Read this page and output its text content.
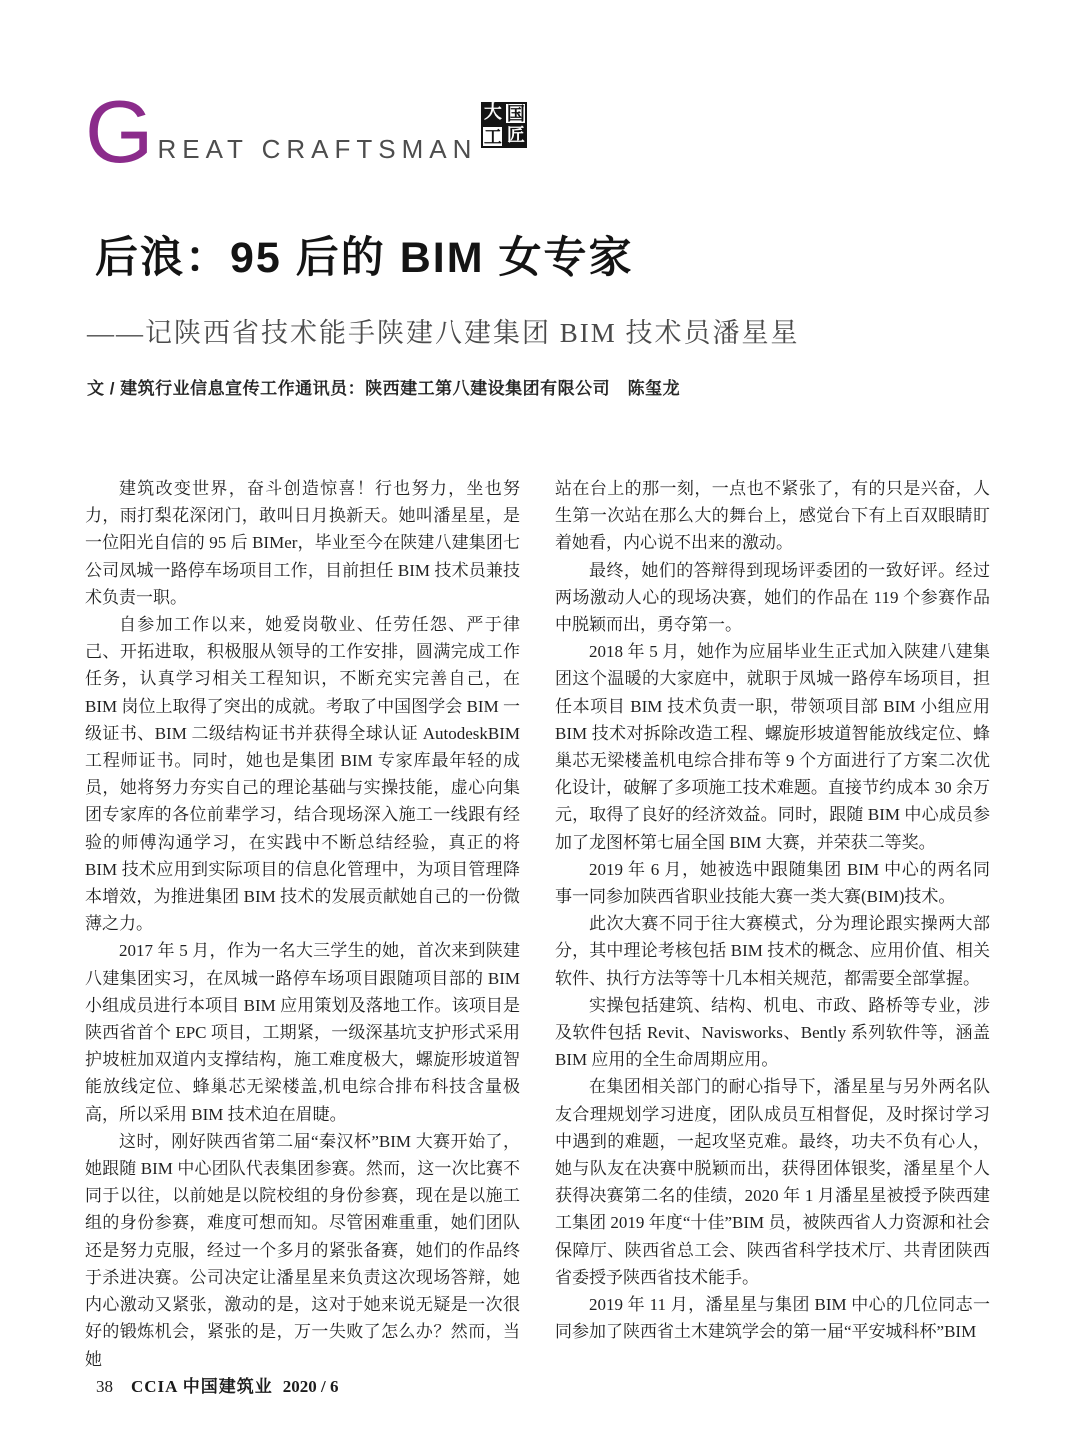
G REAT CRAFTSMAN
大 国
工 匠
后浪：95 后的 BIM 女专家
——记陕西省技术能手陕建八建集团 BIM 技术员潘星星
文 / 建筑行业信息宣传工作通讯员：陕西建工第八建设集团有限公司　陈玺龙

建筑改变世界，奋斗创造惊喜！行也努力，坐也努力，雨打梨花深闭门，敢叫日月换新天。她叫潘星星，是一位阳光自信的 95 后 BIMer，毕业至今在陕建八建集团七公司凤城一路停车场项目工作，目前担任 BIM 技术员兼技术负责一职。

自参加工作以来，她爱岗敬业、任劳任怨、严于律己、开拓进取，积极服从领导的工作安排，圆满完成工作任务，认真学习相关工程知识，不断充实完善自己，在 BIM 岗位上取得了突出的成就。考取了中国图学会 BIM 一级证书、BIM 二级结构证书并获得全球认证 AutodeskBIM 工程师证书。同时，她也是集团 BIM 专家库最年轻的成员，她将努力夯实自己的理论基础与实操技能，虚心向集团专家库的各位前辈学习，结合现场深入施工一线跟有经验的师傅沟通学习，在实践中不断总结经验，真正的将 BIM 技术应用到实际项目的信息化管理中，为项目管理降本增效，为推进集团 BIM 技术的发展贡献她自己的一份微薄之力。

2017 年 5 月，作为一名大三学生的她，首次来到陕建八建集团实习，在凤城一路停车场项目跟随项目部的 BIM 小组成员进行本项目 BIM 应用策划及落地工作。该项目是陕西省首个 EPC 项目，工期紧，一级深基坑支护形式采用护坡桩加双道内支撑结构，施工难度极大，螺旋形坡道智能放线定位、蜂巢芯无梁楼盖,机电综合排布科技含量极高，所以采用 BIM 技术迫在眉睫。

这时，刚好陕西省第二届“秦汉杯”BIM 大赛开始了，她跟随 BIM 中心团队代表集团参赛。然而，这一次比赛不同于以往，以前她是以院校组的身份参赛，现在是以施工组的身份参赛，难度可想而知。尽管困难重重，她们团队还是努力克服，经过一个多月的紧张备赛，她们的作品终于杀进决赛。公司决定让潘星星来负责这次现场答辩，她内心激动又紧张，激动的是，这对于她来说无疑是一次很好的锻炼机会，紧张的是，万一失败了怎么办？然而，当她

站在台上的那一刻，一点也不紧张了，有的只是兴奋，人生第一次站在那么大的舞台上，感觉台下有上百双眼睛盯着她看，内心说不出来的激动。

最终，她们的答辩得到现场评委团的一致好评。经过两场激动人心的现场决赛，她们的作品在 119 个参赛作品中脱颖而出，勇夺第一。

2018 年 5 月，她作为应届毕业生正式加入陕建八建集团这个温暖的大家庭中，就职于凤城一路停车场项目，担任本项目 BIM 技术负责一职，带领项目部 BIM 小组应用 BIM 技术对拆除改造工程、螺旋形坡道智能放线定位、蜂巢芯无梁楼盖机电综合排布等 9 个方面进行了方案二次优化设计，破解了多项施工技术难题。直接节约成本 30 余万元，取得了良好的经济效益。同时，跟随 BIM 中心成员参加了龙图杯第七届全国 BIM 大赛，并荣获二等奖。

2019 年 6 月，她被选中跟随集团 BIM 中心的两名同事一同参加陕西省职业技能大赛一类大赛(BIM)技术。

此次大赛不同于往大赛模式，分为理论跟实操两大部分，其中理论考核包括 BIM 技术的概念、应用价值、相关软件、执行方法等等十几本相关规范，都需要全部掌握。

实操包括建筑、结构、机电、市政、路桥等专业，涉及软件包括 Revit、Navisworks、Bently 系列软件等，涵盖 BIM 应用的全生命周期应用。

在集团相关部门的耐心指导下，潘星星与另外两名队友合理规划学习进度，团队成员互相督促，及时探讨学习中遇到的难题，一起攻坚克难。最终，功夫不负有心人，她与队友在决赛中脱颖而出，获得团体银奖，潘星星个人获得决赛第二名的佳绩，2020 年 1 月潘星星被授予陕西建工集团 2019 年度“十佳”BIM 员，被陕西省人力资源和社会保障厅、陕西省总工会、陕西省科学技术厅、共青团陕西省委授予陕西省技术能手。

2019 年 11 月，潘星星与集团 BIM 中心的几位同志一同参加了陕西省土木建筑学会的第一届“平安城科杯”BIM

38 CCIA 中国建筑业 2020 / 6
